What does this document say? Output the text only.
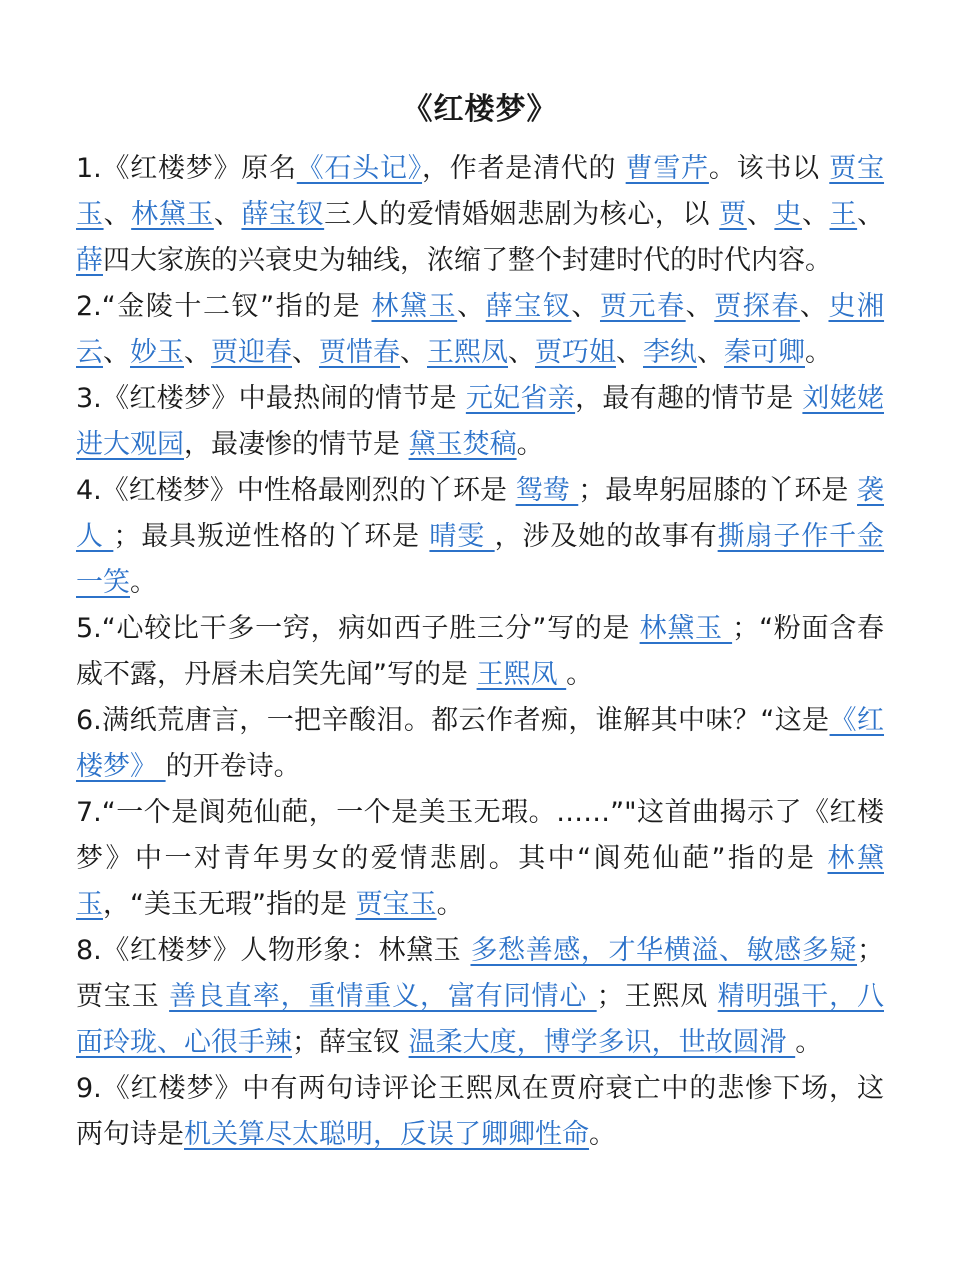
《红楼梦》

1.《红楼梦》原名《石头记》，作者是清代的 曹雪芹。该书以 贾宝玉、林黛玉、薛宝钗三人的爱情婚姻悲剧为核心，以 贾、史、王、薛四大家族的兴衰史为轴线，浓缩了整个封建时代的时代内容。

2.“金陵十二钗”指的是 林黛玉、薛宝钗、贾元春、贾探春、史湘云、妙玉、贾迎春、贾惜春、王熙凤、贾巧姐、李纨、秦可卿。

3.《红楼梦》中最热闹的情节是 元妃省亲，最有趣的情节是 刘姥姥进大观园，最凄惨的情节是 黛玉焚稿。

4.《红楼梦》中性格最刚烈的丫环是 鸳鸯 ；最卑躬屈膝的丫环是 袭人 ；最具叛逆性格的丫环是 晴雯 ，涉及她的故事有撕扇子作千金一笑。

5.“心较比干多一窍，病如西子胜三分”写的是 林黛玉 ；“粉面含春威不露，丹唇未启笑先闻”写的是 王熙凤 。

6.满纸荒唐言，一把辛酸泪。都云作者痴，谁解其中味？“这是《红楼梦》 的开卷诗。

7.“一个是阆苑仙葩，一个是美玉无瑕。……”"这首曲揭示了《红楼梦》中一对青年男女的爱情悲剧。其中“阆苑仙葩”指的是 林黛玉，“美玉无瑕”指的是 贾宝玉。

8.《红楼梦》人物形象：林黛玉 多愁善感，才华横溢、敏感多疑；贾宝玉 善良直率，重情重义，富有同情心 ；王熙凤 精明强干，八面玲珑、心很手辣；薛宝钗 温柔大度，博学多识，世故圆滑 。

9.《红楼梦》中有两句诗评论王熙凤在贾府衰亡中的悲惨下场，这两句诗是机关算尽太聪明，反误了卿卿性命。
